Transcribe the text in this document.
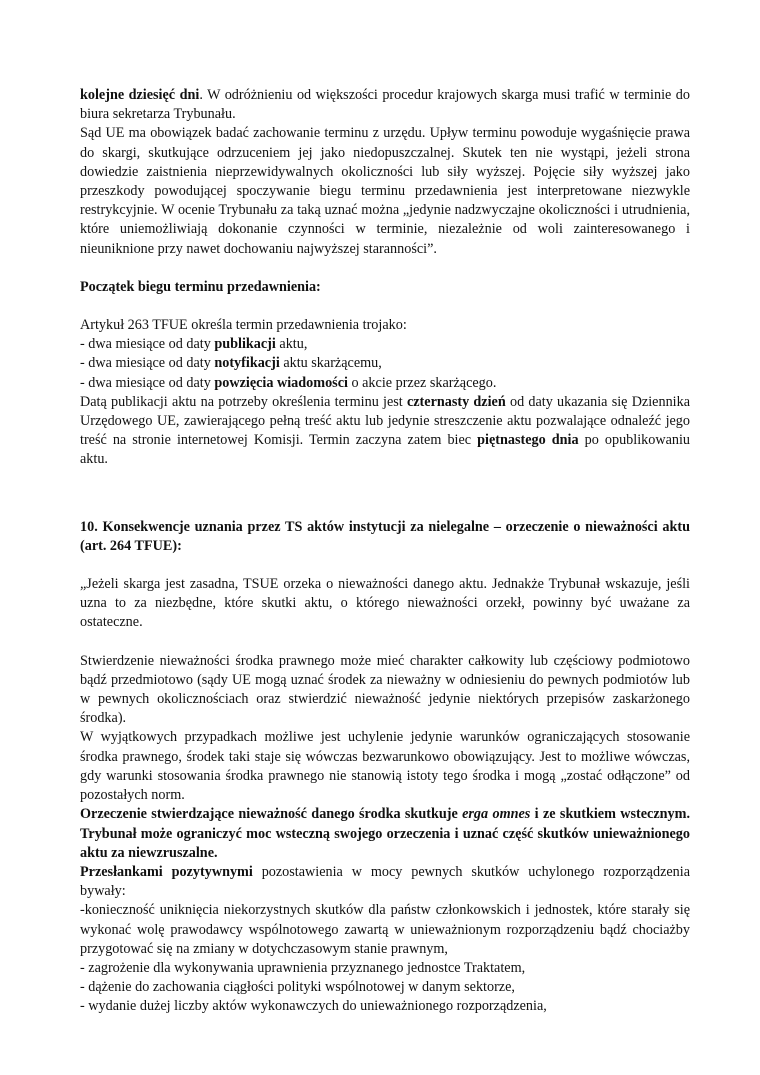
kolejne dziesięć dni. W odróżnieniu od większości procedur krajowych skarga musi trafić w terminie do biura sekretarza Trybunału.

Sąd UE ma obowiązek badać zachowanie terminu z urzędu. Upływ terminu powoduje wygaśnięcie prawa do skargi, skutkujące odrzuceniem jej jako niedopuszczalnej. Skutek ten nie wystąpi, jeżeli strona dowiedzie zaistnienia nieprzewidywalnych okoliczności lub siły wyższej. Pojęcie siły wyższej jako przeszkody powodującej spoczywanie biegu terminu przedawnienia jest interpretowane niezwykle restrykcyjnie. W ocenie Trybunału za taką uznać można „jedynie nadzwyczajne okoliczności i utrudnienia, które uniemożliwiają dokonanie czynności w terminie, niezależnie od woli zainteresowanego i nieuniknione przy nawet dochowaniu najwyższej staranności”.

Początek biegu terminu przedawnienia:

Artykuł 263 TFUE określa termin przedawnienia trojako:

- dwa miesiące od daty publikacji aktu,

- dwa miesiące od daty notyfikacji aktu skarżącemu,

- dwa miesiące od daty powzięcia wiadomości o akcie przez skarżącego.

Datą publikacji aktu na potrzeby określenia terminu jest czternasty dzień od daty ukazania się Dziennika Urzędowego UE, zawierającego pełną treść aktu lub jedynie streszczenie aktu pozwalające odnaleźć jego treść na stronie internetowej Komisji. Termin zaczyna zatem biec piętnastego dnia po opublikowaniu aktu.

10. Konsekwencje uznania przez TS aktów instytucji za nielegalne – orzeczenie o nieważności aktu (art. 264 TFUE):

„Jeżeli skarga jest zasadna, TSUE orzeka o nieważności danego aktu. Jednakże Trybunał wskazuje, jeśli uzna to za niezbędne, które skutki aktu, o którego nieważności orzekł, powinny być uważane za ostateczne.

Stwierdzenie nieważności środka prawnego może mieć charakter całkowity lub częściowy podmiotowo bądź przedmiotowo (sądy UE mogą uznać środek za nieważny w odniesieniu do pewnych podmiotów lub w pewnych okolicznościach oraz stwierdzić nieważność jedynie niektórych przepisów zaskarżonego środka).

W wyjątkowych przypadkach możliwe jest uchylenie jedynie warunków ograniczających stosowanie środka prawnego, środek taki staje się wówczas bezwarunkowo obowiązujący. Jest to możliwe wówczas, gdy warunki stosowania środka prawnego nie stanowią istoty tego środka i mogą „zostać odłączone” od pozostałych norm.

Orzeczenie stwierdzające nieważność danego środka skutkuje erga omnes i ze skutkiem wstecznym. Trybunał może ograniczyć moc wsteczną swojego orzeczenia i uznać część skutków unieważnionego aktu za niewzruszalne.

Przesłankami pozytywnymi pozostawienia w mocy pewnych skutków uchylonego rozporządzenia bywały:

-konieczność uniknięcia niekorzystnych skutków dla państw członkowskich i jednostek, które starały się wykonać wolę prawodawcy wspólnotowego zawartą w unieważnionym rozporządzeniu bądź chociażby przygotować się na zmiany w dotychczasowym stanie prawnym,

- zagrożenie dla wykonywania uprawnienia przyznanego jednostce Traktatem,

- dążenie do zachowania ciągłości polityki wspólnotowej w danym sektorze,

- wydanie dużej liczby aktów wykonawczych do unieważnionego rozporządzenia,
